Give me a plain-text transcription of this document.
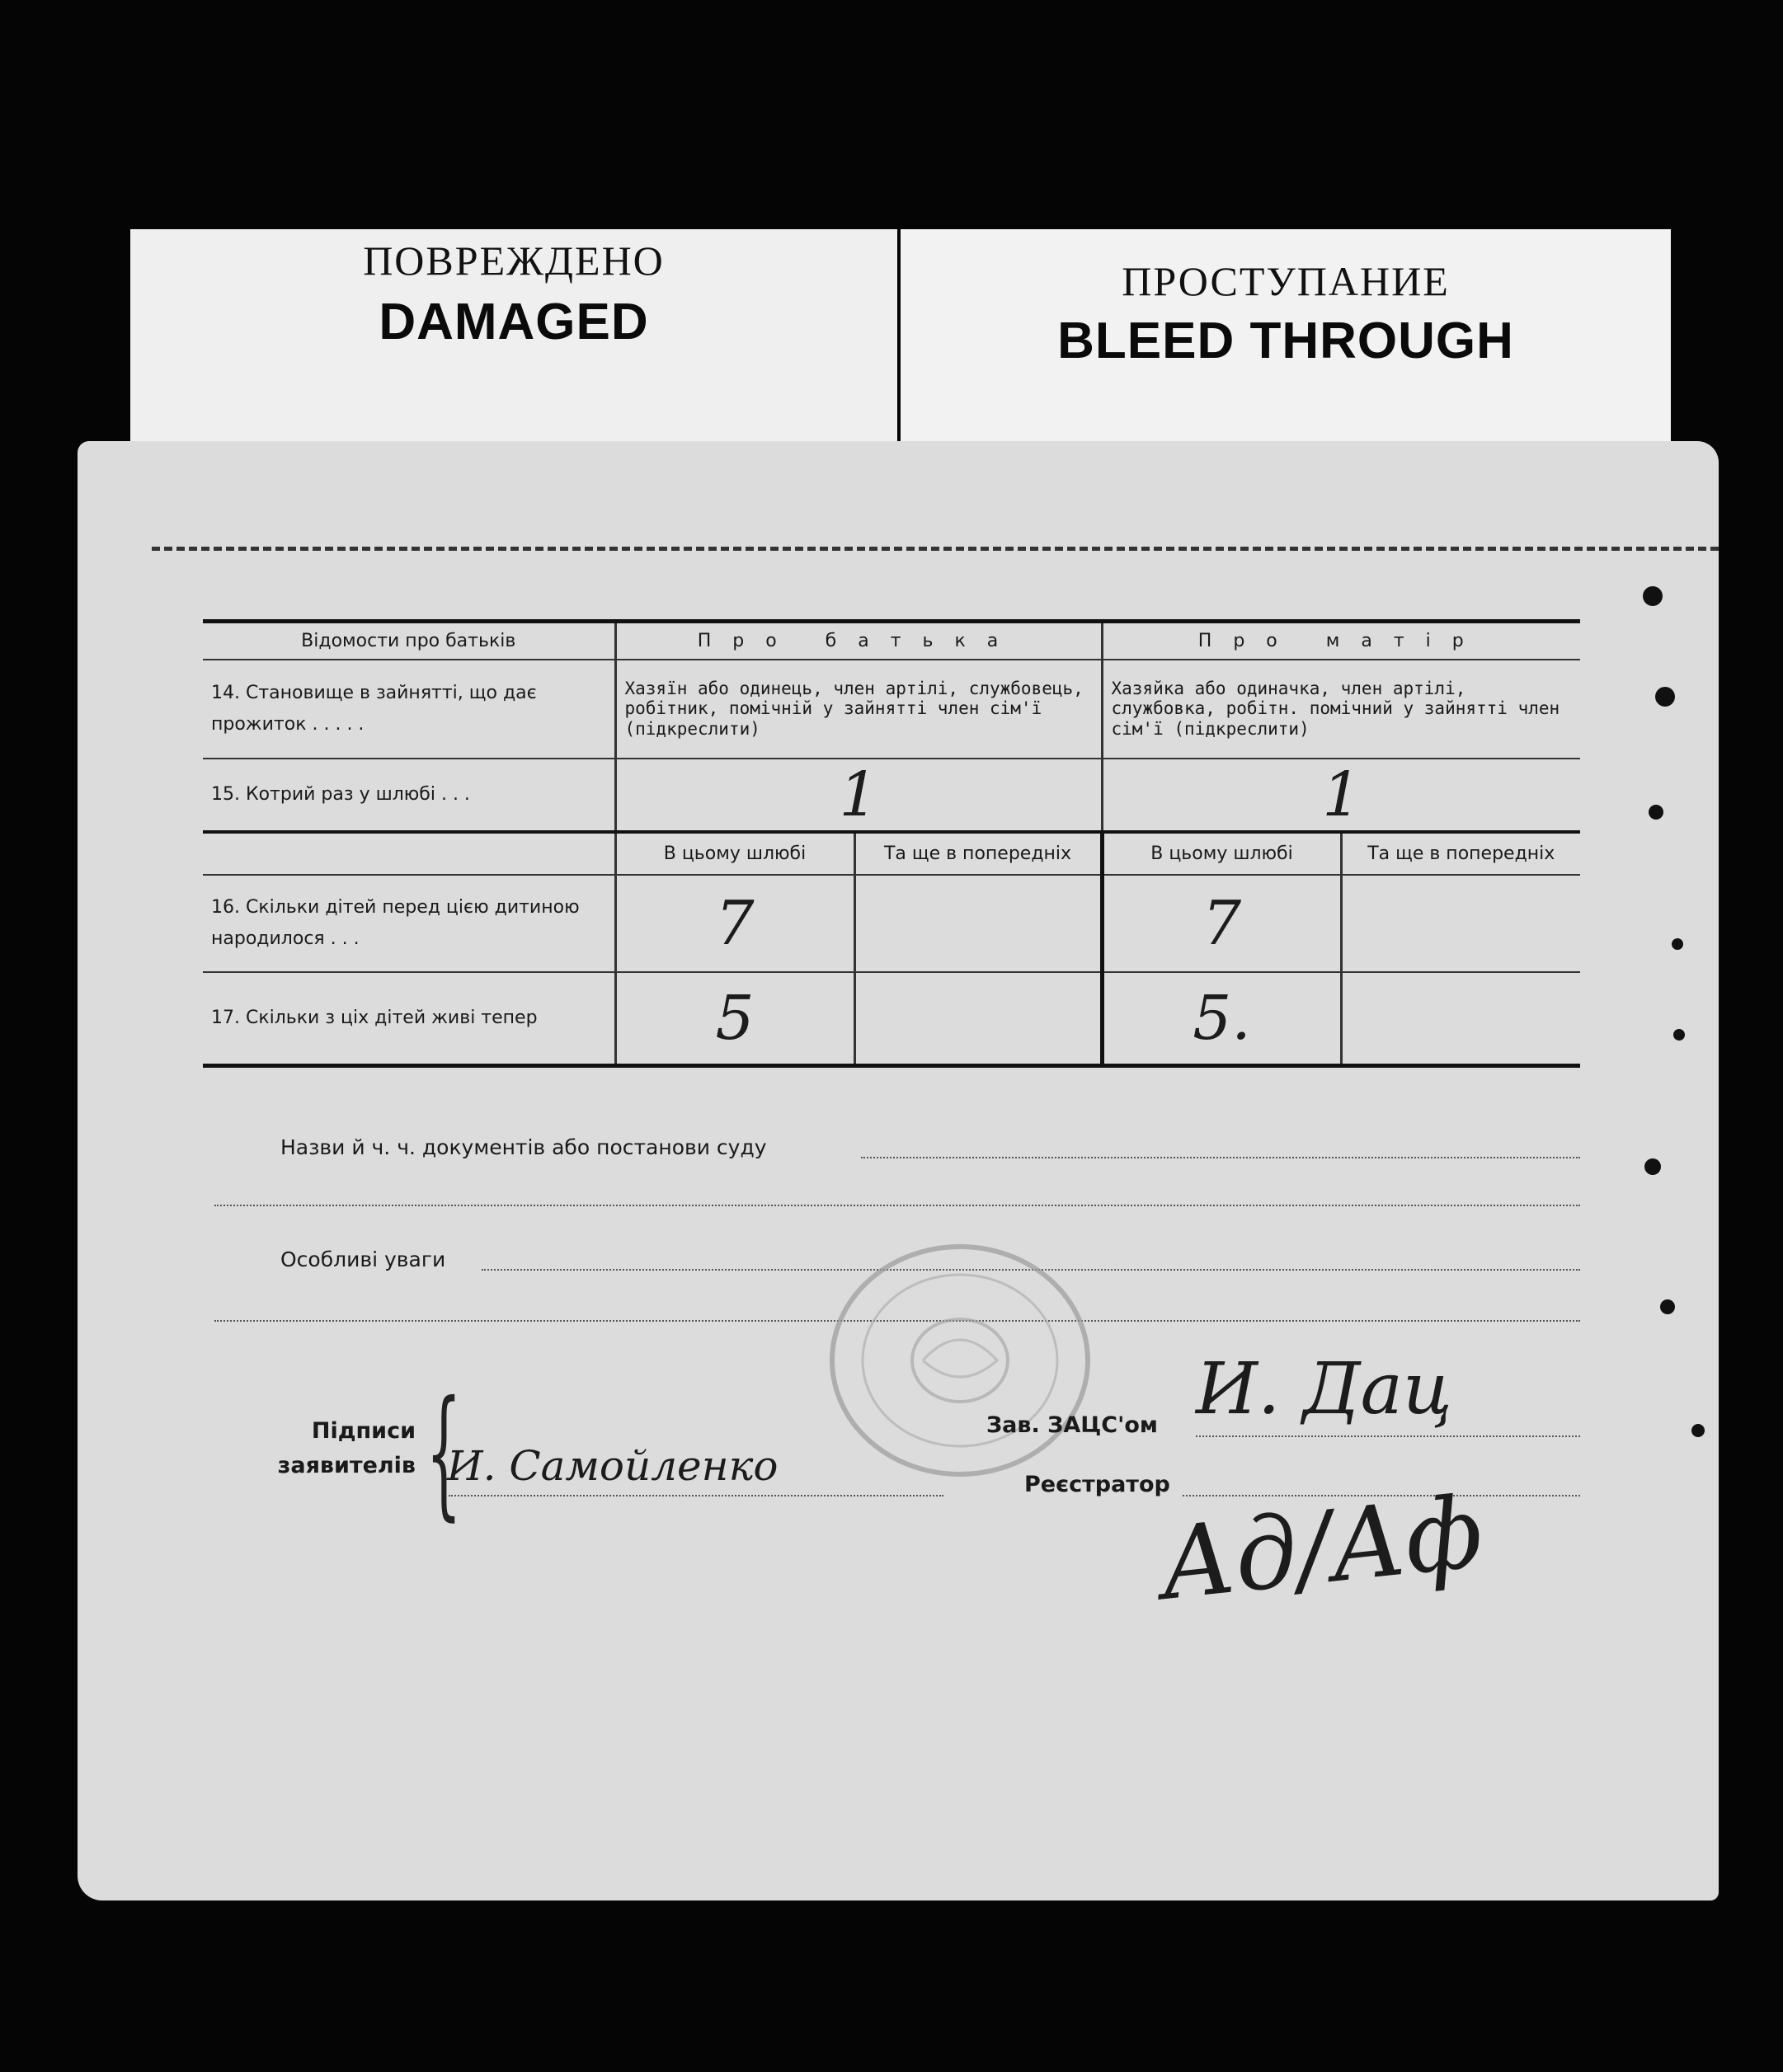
ПОВРЕЖДЕНО
DAMAGED
ПРОСТУПАНИЕ
BLEED THROUGH
Відомости про батьків	Про батька		Про матір	
14. Становище в зайнятті, що дає прожиток . . . . .	Хазяїн або одинець, член артілі, службовець, робітник, помічній у зайнятті член сім'ї (підкреслити)		Хазяйка або одиначка, член артілі, службовка, робітн. помічний у зайнятті член сім'ї (підкреслити)	
15. Котрий раз у шлюбі . . .	1		1	
	В цьому шлюбі	Та ще в попередніх	В цьому шлюбі	Та ще в попередніх
16. Скільки дітей перед цією дитиною народилося . . .	7		7	
17. Скільки з ціх дітей живі тепер	5		5.	
Назви й ч. ч. документів або постанови суду
Особливі уваги
Підписи
заявителів {
И. Самойленко
Зав. ЗАЦС'ом И. Дац
Реєстратор
Ад/Аф
